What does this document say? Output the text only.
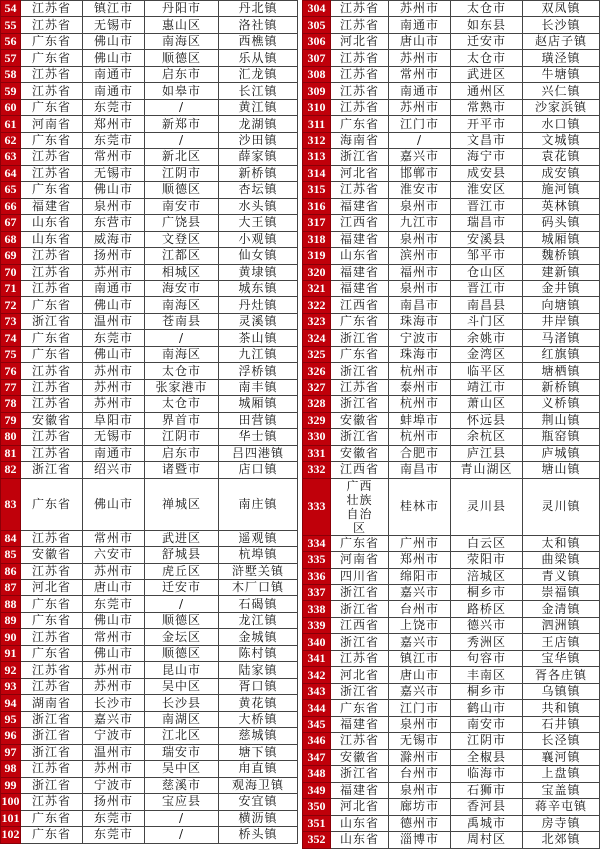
54	江苏省	镇江市	丹阳市	丹北镇
55	江苏省	无锡市	惠山区	洛社镇
56	广东省	佛山市	南海区	西樵镇
57	广东省	佛山市	顺德区	乐从镇
58	江苏省	南通市	启东市	汇龙镇
59	江苏省	南通市	如皋市	长江镇
60	广东省	东莞市	/	黄江镇
61	河南省	郑州市	新郑市	龙湖镇
62	广东省	东莞市	/	沙田镇
63	江苏省	常州市	新北区	薛家镇
64	江苏省	无锡市	江阴市	新桥镇
65	广东省	佛山市	顺德区	杏坛镇
66	福建省	泉州市	南安市	水头镇
67	山东省	东营市	广饶县	大王镇
68	山东省	威海市	文登区	小观镇
69	江苏省	扬州市	江都区	仙女镇
70	江苏省	苏州市	相城区	黄埭镇
71	江苏省	南通市	海安市	城东镇
72	广东省	佛山市	南海区	丹灶镇
73	浙江省	温州市	苍南县	灵溪镇
74	广东省	东莞市	/	茶山镇
75	广东省	佛山市	南海区	九江镇
76	江苏省	苏州市	太仓市	浮桥镇
77	江苏省	苏州市	张家港市	南丰镇
78	江苏省	苏州市	太仓市	城厢镇
79	安徽省	阜阳市	界首市	田营镇
80	江苏省	无锡市	江阴市	华士镇
81	江苏省	南通市	启东市	吕四港镇
82	浙江省	绍兴市	诸暨市	店口镇
83	广东省	佛山市	禅城区	南庄镇
84	江苏省	常州市	武进区	遥观镇
85	安徽省	六安市	舒城县	杭埠镇
86	江苏省	苏州市	虎丘区	浒墅关镇
87	河北省	唐山市	迁安市	木厂口镇
88	广东省	东莞市	/	石碣镇
89	广东省	佛山市	顺德区	龙江镇
90	江苏省	常州市	金坛区	金城镇
91	广东省	佛山市	顺德区	陈村镇
92	江苏省	苏州市	昆山市	陆家镇
93	江苏省	苏州市	吴中区	胥口镇
94	湖南省	长沙市	长沙县	黄花镇
95	浙江省	嘉兴市	南湖区	大桥镇
96	浙江省	宁波市	江北区	慈城镇
97	浙江省	温州市	瑞安市	塘下镇
98	江苏省	苏州市	吴中区	甪直镇
99	浙江省	宁波市	慈溪市	观海卫镇
100	江苏省	扬州市	宝应县	安宜镇
101	广东省	东莞市	/	横沥镇
102	广东省	东莞市	/	桥头镇
304	江苏省	苏州市	太仓市	双凤镇
305	江苏省	南通市	如东县	长沙镇
306	河北省	唐山市	迁安市	赵店子镇
307	江苏省	苏州市	太仓市	璜泾镇
308	江苏省	常州市	武进区	牛塘镇
309	江苏省	南通市	通州区	兴仁镇
310	江苏省	苏州市	常熟市	沙家浜镇
311	广东省	江门市	开平市	水口镇
312	海南省	/	文昌市	文城镇
313	浙江省	嘉兴市	海宁市	袁花镇
314	河北省	邯郸市	成安县	成安镇
315	江苏省	淮安市	淮安区	施河镇
316	福建省	泉州市	晋江市	英林镇
317	江西省	九江市	瑞昌市	码头镇
318	福建省	泉州市	安溪县	城厢镇
319	山东省	滨州市	邹平市	魏桥镇
320	福建省	福州市	仓山区	建新镇
321	福建省	泉州市	晋江市	金井镇
322	江西省	南昌市	南昌县	向塘镇
323	广东省	珠海市	斗门区	井岸镇
324	浙江省	宁波市	余姚市	马渚镇
325	广东省	珠海市	金湾区	红旗镇
326	浙江省	杭州市	临平区	塘栖镇
327	江苏省	泰州市	靖江市	新桥镇
328	浙江省	杭州市	萧山区	义桥镇
329	安徽省	蚌埠市	怀远县	荆山镇
330	浙江省	杭州市	余杭区	瓶窑镇
331	安徽省	合肥市	庐江县	庐城镇
332	江西省	南昌市	青山湖区	塘山镇
333	广西
壮族
自治
区	桂林市	灵川县	灵川镇
334	广东省	广州市	白云区	太和镇
335	河南省	郑州市	荥阳市	曲梁镇
336	四川省	绵阳市	涪城区	青义镇
337	浙江省	嘉兴市	桐乡市	崇福镇
338	浙江省	台州市	路桥区	金清镇
339	江西省	上饶市	德兴市	泗洲镇
340	浙江省	嘉兴市	秀洲区	王店镇
341	江苏省	镇江市	句容市	宝华镇
342	河北省	唐山市	丰南区	胥各庄镇
343	浙江省	嘉兴市	桐乡市	乌镇镇
344	广东省	江门市	鹤山市	共和镇
345	福建省	泉州市	南安市	石井镇
346	江苏省	无锡市	江阴市	长泾镇
347	安徽省	滁州市	全椒县	襄河镇
348	浙江省	台州市	临海市	上盘镇
349	福建省	泉州市	石狮市	宝盖镇
350	河北省	廊坊市	香河县	蒋辛屯镇
351	山东省	德州市	禹城市	房寺镇
352	山东省	淄博市	周村区	北郊镇
